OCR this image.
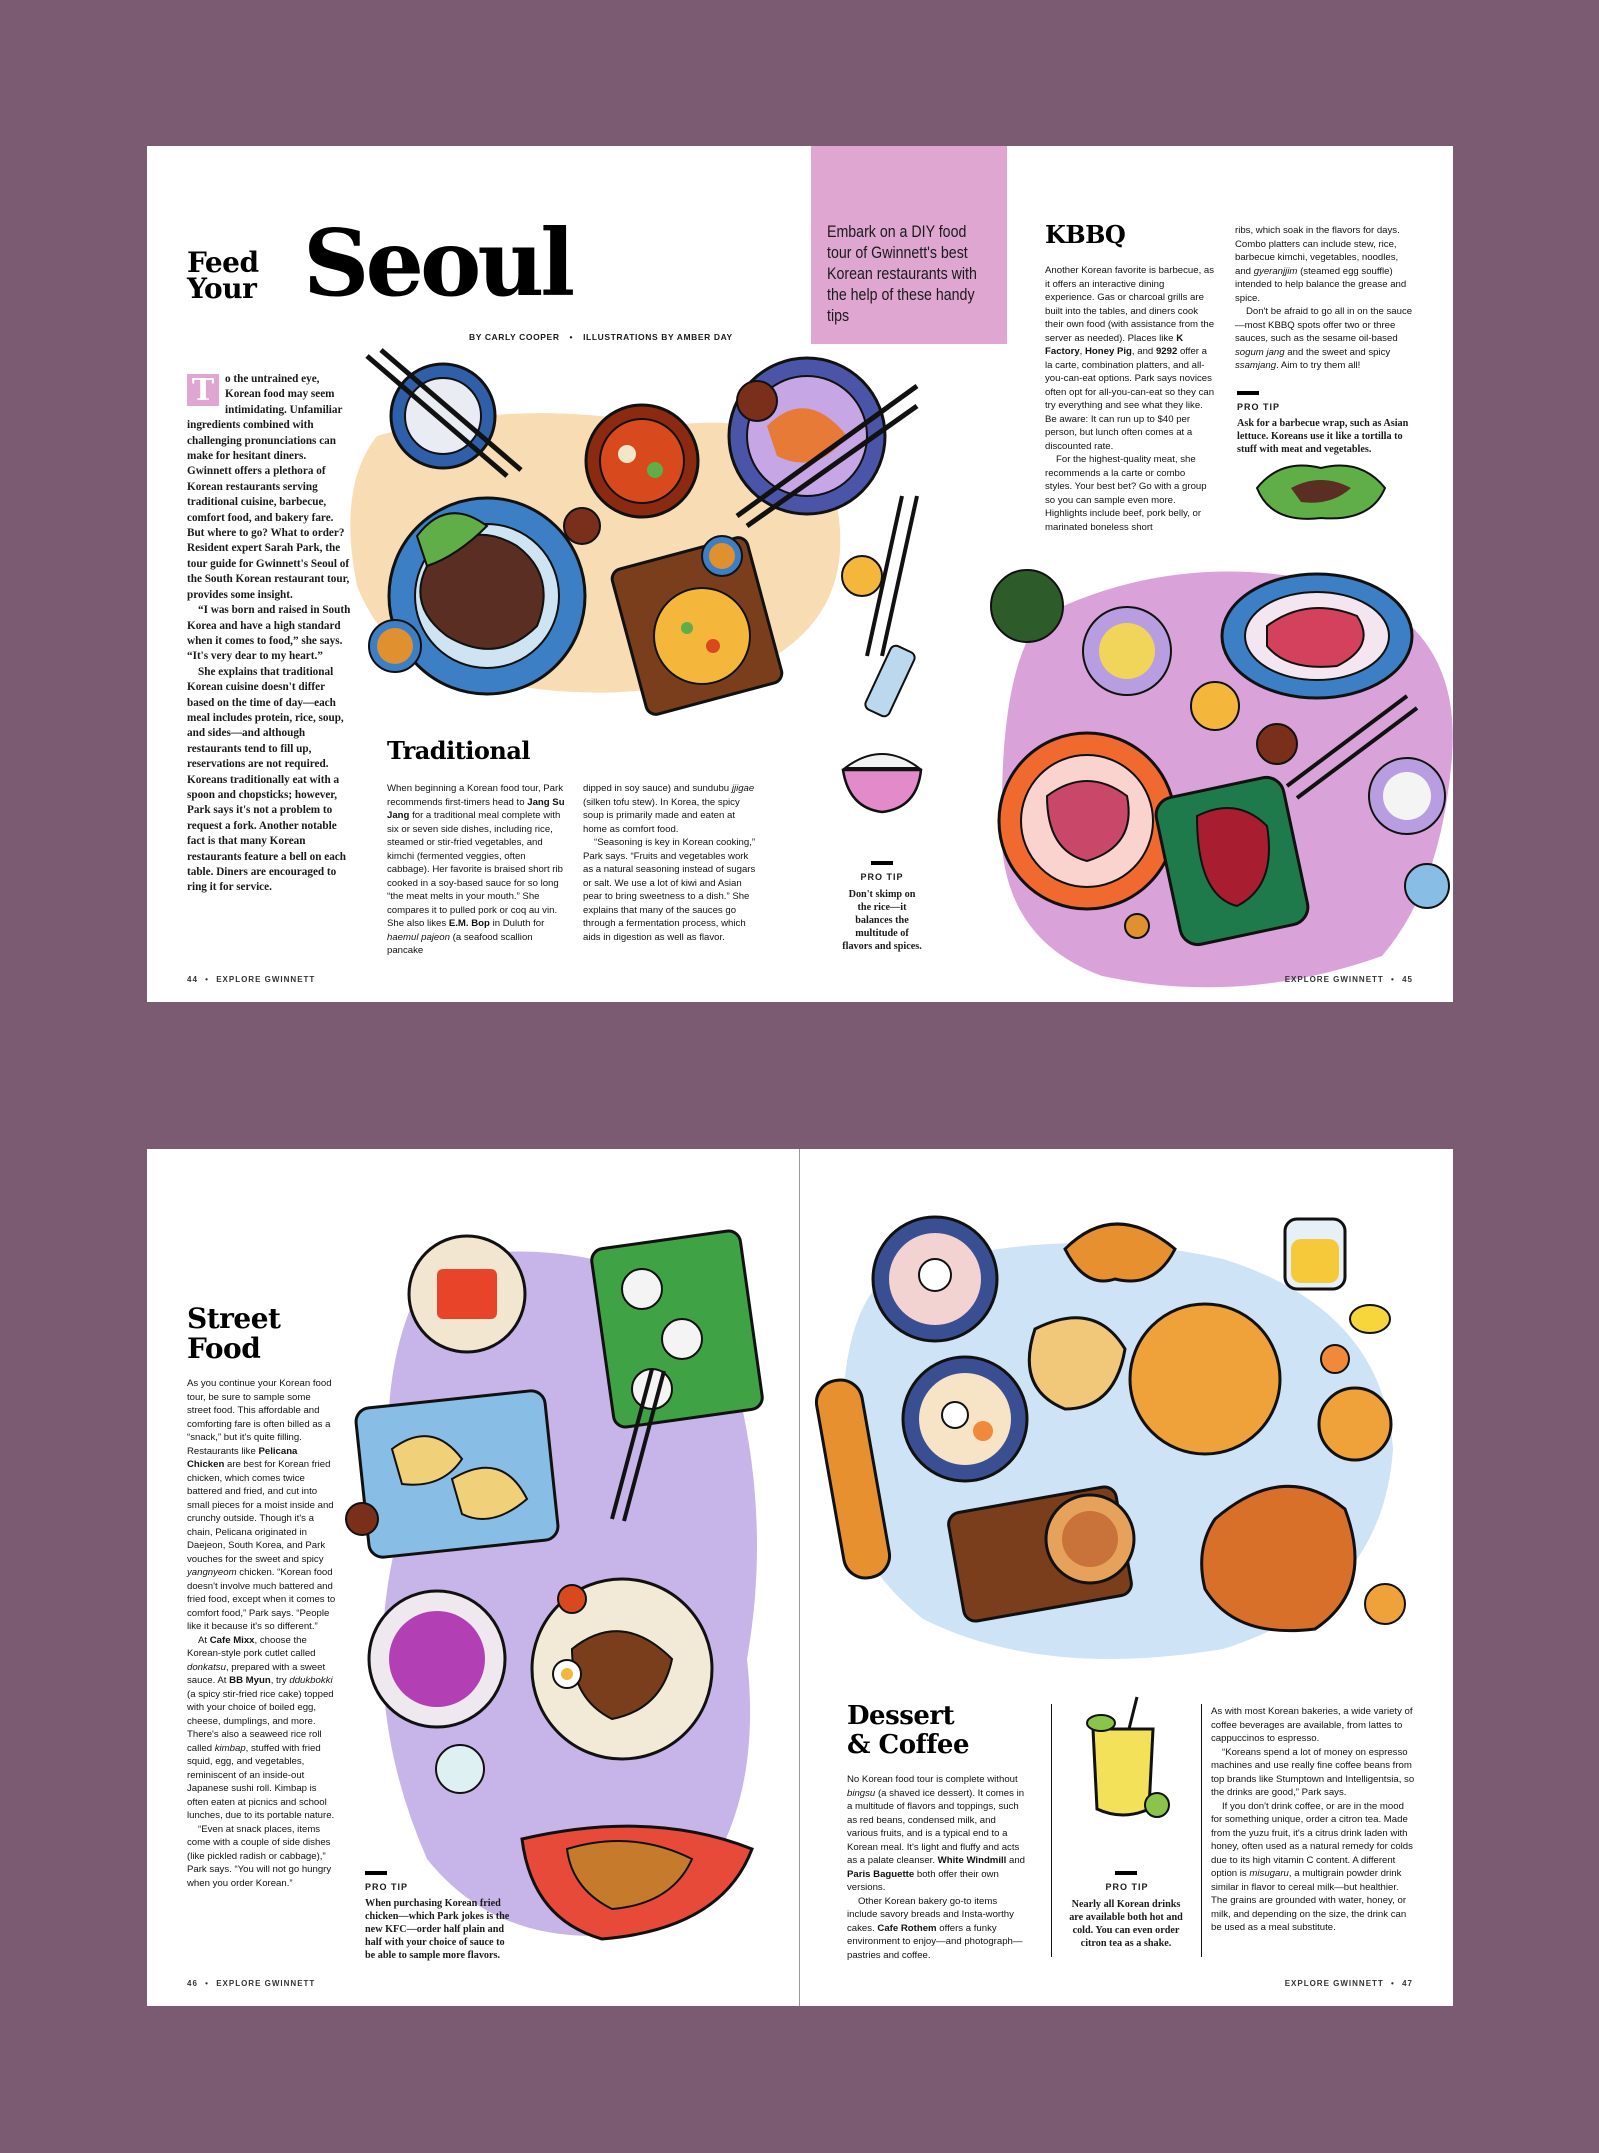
Feed Your Seoul
BY CARLY COOPER • ILLUSTRATIONS BY AMBER DAY
Embark on a DIY food tour of Gwinnett's best Korean restaurants with the help of these handy tips
T o the untrained eye, Korean food may seem intimidating. Unfamiliar ingredients combined with challenging pronunciations can make for hesitant diners. Gwinnett offers a plethora of Korean restaurants serving traditional cuisine, barbecue, comfort food, and bakery fare. But where to go? What to order? Resident expert Sarah Park, the tour guide for Gwinnett's Seoul of the South Korean restaurant tour, provides some insight.

“I was born and raised in South Korea and have a high standard when it comes to food,” she says. “It's very dear to my heart.”

She explains that traditional Korean cuisine doesn't differ based on the time of day—each meal includes protein, rice, soup, and sides—and although restaurants tend to fill up, reservations are not required. Koreans traditionally eat with a spoon and chopsticks; however, Park says it's not a problem to request a fork. Another notable fact is that many Korean restaurants feature a bell on each table. Diners are encouraged to ring it for service.

Traditional

When beginning a Korean food tour, Park recommends first-timers head to Jang Su Jang for a traditional meal complete with six or seven side dishes, including rice, steamed or stir-fried vegetables, and kimchi (fermented veggies, often cabbage). Her favorite is braised short rib cooked in a soy-based sauce for so long “the meat melts in your mouth.” She compares it to pulled pork or coq au vin. She also likes E.M. Bop in Duluth for haemul pajeon (a seafood scallion pancake

dipped in soy sauce) and sundubu jjigae (silken tofu stew). In Korea, the spicy soup is primarily made and eaten at home as comfort food.

“Seasoning is key in Korean cooking,” Park says. “Fruits and vegetables work as a natural seasoning instead of sugars or salt. We use a lot of kiwi and Asian pear to bring sweetness to a dish.” She explains that many of the sauces go through a fermentation process, which aids in digestion as well as flavor.

PRO TIP
Don't skimp on the rice—it balances the multitude of flavors and spices.
KBBQ

Another Korean favorite is barbecue, as it offers an interactive dining experience. Gas or charcoal grills are built into the tables, and diners cook their own food (with assistance from the server as needed). Places like K Factory, Honey Pig, and 9292 offer a la carte, combination platters, and all-you-can-eat options. Park says novices often opt for all-you-can-eat so they can try everything and see what they like. Be aware: It can run up to $40 per person, but lunch often comes at a discounted rate.

For the highest-quality meat, she recommends a la carte or combo styles. Your best bet? Go with a group so you can sample even more. Highlights include beef, pork belly, or marinated boneless short

ribs, which soak in the flavors for days. Combo platters can include stew, rice, barbecue kimchi, vegetables, noodles, and gyeranjjim (steamed egg souffle) intended to help balance the grease and spice.

Don't be afraid to go all in on the sauce—most KBBQ spots offer two or three sauces, such as the sesame oil-based sogum jang and the sweet and spicy ssamjang. Aim to try them all!

PRO TIP
Ask for a barbecue wrap, such as Asian lettuce. Koreans use it like a tortilla to stuff with meat and vegetables.
44 • EXPLORE GWINNETT	EXPLORE GWINNETT • 45
Street
Food

As you continue your Korean food tour, be sure to sample some street food. This affordable and comforting fare is often billed as a “snack,” but it's quite filling. Restaurants like Pelicana Chicken are best for Korean fried chicken, which comes twice battered and fried, and cut into small pieces for a moist inside and crunchy outside. Though it's a chain, Pelicana originated in Daejeon, South Korea, and Park vouches for the sweet and spicy yangnyeom chicken. “Korean food doesn't involve much battered and fried food, except when it comes to comfort food,” Park says. “People like it because it's so different.”

At Cafe Mixx, choose the Korean-style pork cutlet called donkatsu, prepared with a sweet sauce. At BB Myun, try ddukbokki (a spicy stir-fried rice cake) topped with your choice of boiled egg, cheese, dumplings, and more. There's also a seaweed rice roll called kimbap, stuffed with fried squid, egg, and vegetables, reminiscent of an inside-out Japanese sushi roll. Kimbap is often eaten at picnics and school lunches, due to its portable nature.

“Even at snack places, items come with a couple of side dishes (like pickled radish or cabbage),” Park says. “You will not go hungry when you order Korean.”	PRO TIP
When purchasing Korean fried chicken—which Park jokes is the new KFC—order half plain and half with your choice of sauce to be able to sample more flavors.
Dessert
& Coffee

No Korean food tour is complete without bingsu (a shaved ice dessert). It comes in a multitude of flavors and toppings, such as red beans, condensed milk, and various fruits, and is a typical end to a Korean meal. It's light and fluffy and acts as a palate cleanser. White Windmill and Paris Baguette both offer their own versions.

Other Korean bakery go-to items include savory breads and Insta-worthy cakes. Cafe Rothem offers a funky environment to enjoy—and photograph—pastries and coffee.

PRO TIP
Nearly all Korean drinks are available both hot and cold. You can even order citron tea as a shake.

As with most Korean bakeries, a wide variety of coffee beverages are available, from lattes to cappuccinos to espresso.

“Koreans spend a lot of money on espresso machines and use really fine coffee beans from top brands like Stumptown and Intelligentsia, so the drinks are good,” Park says.

If you don't drink coffee, or are in the mood for something unique, order a citron tea. Made from the yuzu fruit, it's a citrus drink laden with honey, often used as a natural remedy for colds due to its high vitamin C content. A different option is misugaru, a multigrain powder drink similar in flavor to cereal milk—but healthier. The grains are grounded with water, honey, or milk, and depending on the size, the drink can be used as a meal substitute.

46 • EXPLORE GWINNETT	EXPLORE GWINNETT • 47
